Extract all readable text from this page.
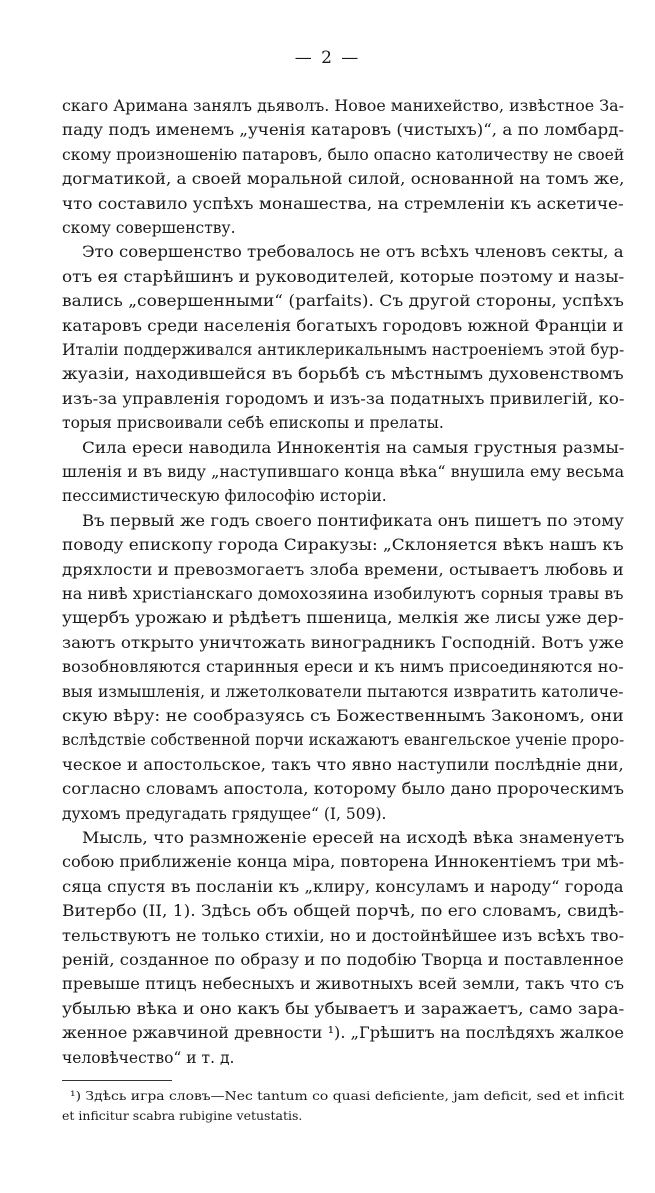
— 2 —
скаго Аримана занялъ дьяволъ. Новое манихейство, извѣстное За-
паду подъ именемъ „ученія катаровъ (чистыхъ)“, а по ломбард-
скому произношенію патаровъ, было опасно католичеству не своей
догматикой, а своей моральной силой, основанной на томъ же,
что составило успѣхъ монашества, на стремленіи къ аскетиче-
скому совершенству.
Это совершенство требовалось не отъ всѣхъ членовъ секты, а
отъ ея старѣйшинъ и руководителей, которые поэтому и назы-
вались „совершенными“ (parfaits). Съ другой стороны, успѣхъ
катаровъ среди населенія богатыхъ городовъ южной Франціи и
Италіи поддерживался антиклерикальнымъ настроеніемъ этой бур-
жуазіи, находившейся въ борьбѣ съ мѣстнымъ духовенствомъ
изъ-за управленія городомъ и изъ-за податныхъ привилегій, ко-
торыя присвоивали себѣ епископы и прелаты.
Сила ереси наводила Иннокентія на самыя грустныя размы-
шленія и въ виду „наступившаго конца вѣка“ внушила ему весьма
пессимистическую философію исторіи.
Въ первый же годъ своего понтификата онъ пишетъ по этому
поводу епископу города Сиракузы: „Склоняется вѣкъ нашъ къ
дряхлости и превозмогаетъ злоба времени, остываетъ любовь и
на нивѣ христіанскаго домохозяина изобилуютъ сорныя травы въ
ущербъ урожаю и рѣдѣетъ пшеница, мелкія же лисы уже дер-
заютъ открыто уничтожать виноградникъ Господній. Вотъ уже
возобновляются старинныя ереси и къ нимъ присоединяются но-
выя измышленія, и лжетолкователи пытаются извратить католиче-
скую вѣру: не сообразуясь съ Божественнымъ Закономъ, они
вслѣдствіе собственной порчи искажаютъ евангельское ученіе проро-
ческое и апостольское, такъ что явно наступили послѣдніе дни,
согласно словамъ апостола, которому было дано пророческимъ
духомъ предугадать грядущее“ (I, 509).
Мысль, что размноженіе ересей на исходѣ вѣка знаменуетъ
собою приближеніе конца міра, повторена Иннокентіемъ три мѣ-
сяца спустя въ посланіи къ „клиру, консуламъ и народу“ города
Витербо (II, 1). Здѣсь объ общей порчѣ, по его словамъ, свидѣ-
тельствуютъ не только стихіи, но и достойнѣйшее изъ всѣхъ тво-
реній, созданное по образу и по подобію Творца и поставленное
превыше птицъ небесныхъ и животныхъ всей земли, такъ что съ
убылью вѣка и оно какъ бы убываетъ и заражаетъ, само зара-
женное ржавчиной древности ¹). „Грѣшитъ на послѣдяхъ жалкое
человѣчество“ и т. д.
¹) Здѣсь игра словъ—Nec tantum co quasi deficiente, jam deficit, sed et inficit
et inficitur scabra rubigine vetustatis.
